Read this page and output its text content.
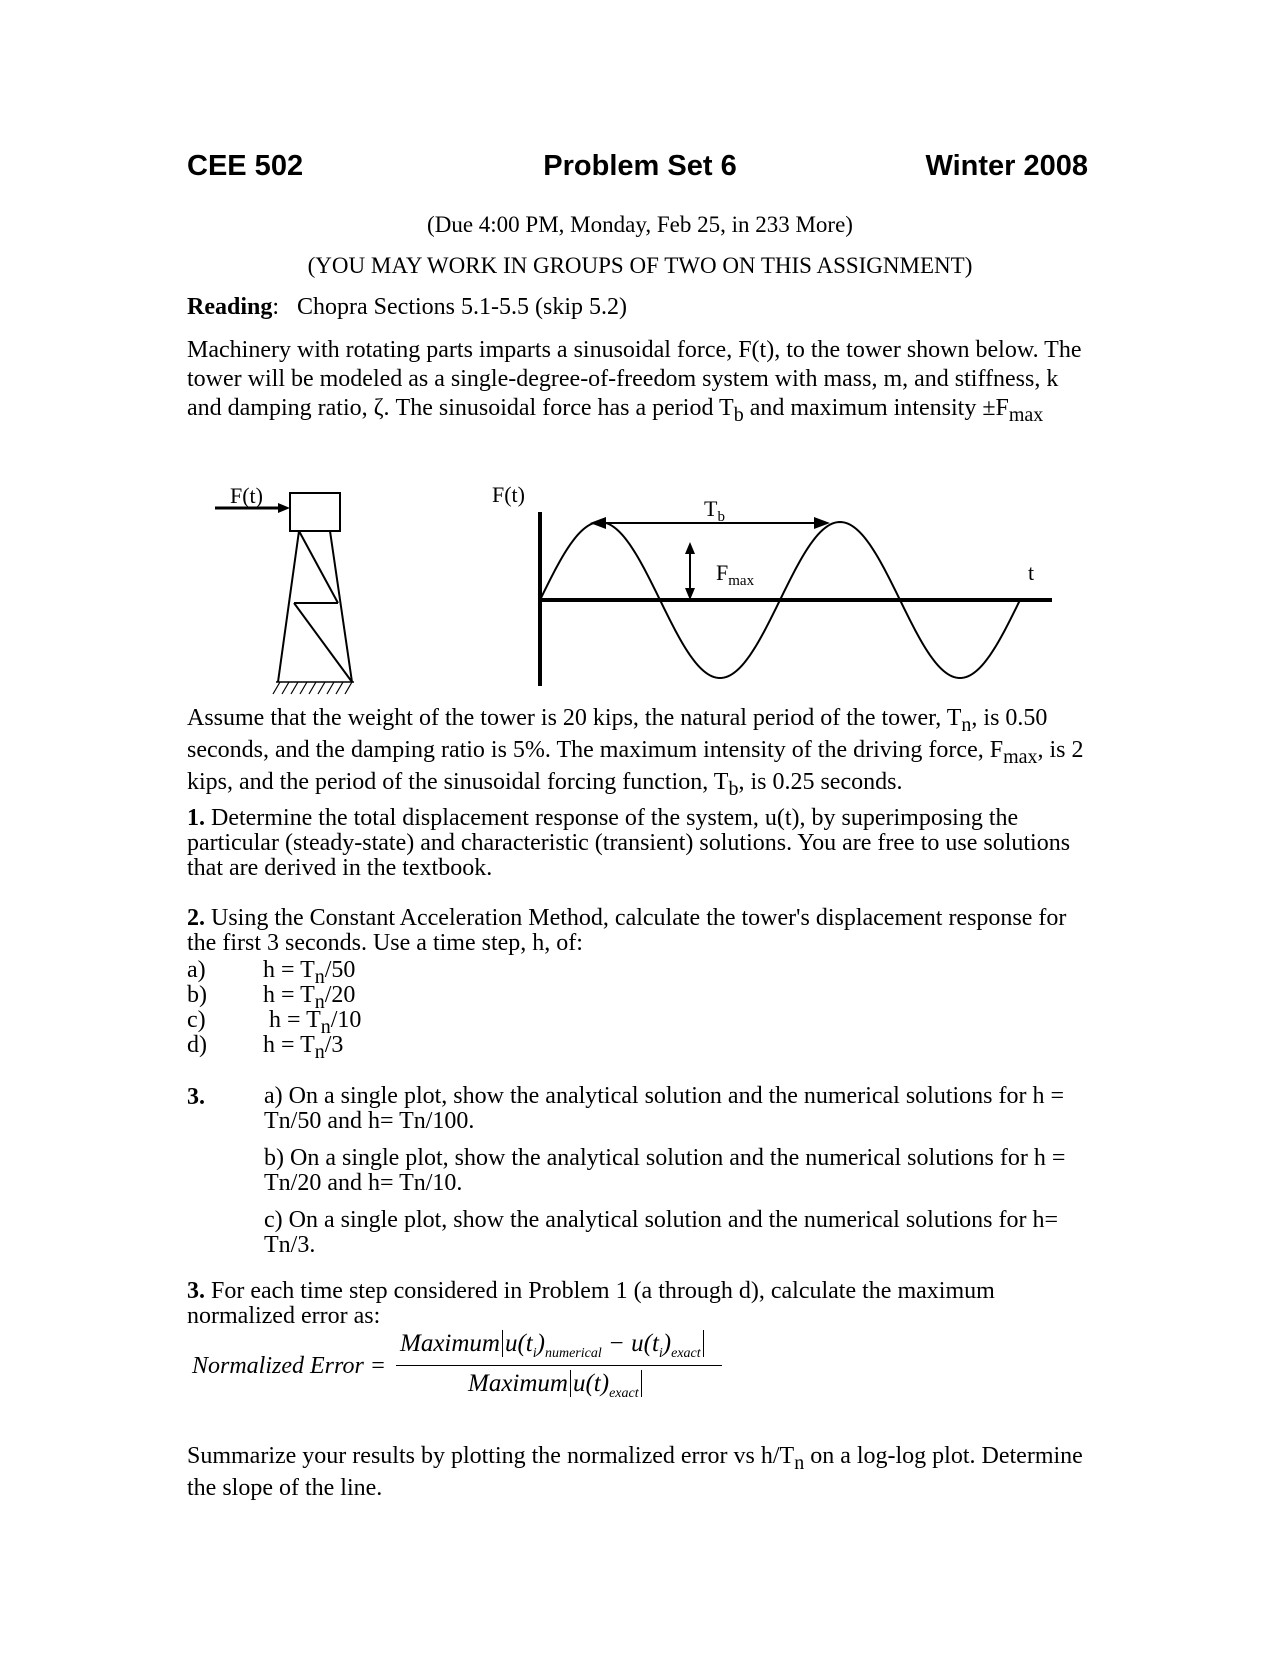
CEE 502	Problem Set 6	Winter 2008
(Due 4:00 PM, Monday, Feb 25, in 233 More)
(YOU MAY WORK IN GROUPS OF TWO ON THIS ASSIGNMENT)
Reading: Chopra Sections 5.1-5.5 (skip 5.2)
Machinery with rotating parts imparts a sinusoidal force, F(t), to the tower shown below. The tower will be modeled as a single-degree-of-freedom system with mass, m, and stiffness, k and damping ratio, ζ. The sinusoidal force has a period $T_b$ and maximum intensity $\pm F_{max}$
F(t)	F(t)
$T_b$
$F_{max}$	t
Assume that the weight of the tower is 20 kips, the natural period of the tower, $T_n$, is 0.50 seconds, and the damping ratio is 5%. The maximum intensity of the driving force, $F_{max}$, is 2 kips, and the period of the sinusoidal forcing function, $T_b$, is 0.25 seconds.
1. Determine the total displacement response of the system, u(t), by superimposing the particular (steady-state) and characteristic (transient) solutions. You are free to use solutions that are derived in the textbook.
2. Using the Constant Acceleration Method, calculate the tower's displacement response for the first 3 seconds. Use a time step, h, of:
a) $h = T_n/50$
b) $h = T_n/20$
c) $h = T_n/10$
d) $h = T_n/3$
3. a) On a single plot, show the analytical solution and the numerical solutions for h = Tn/50 and h= Tn/100.
b) On a single plot, show the analytical solution and the numerical solutions for h = Tn/20 and h= Tn/10.
c) On a single plot, show the analytical solution and the numerical solutions for h= Tn/3.
3. For each time step considered in Problem 1 (a through d), calculate the maximum normalized error as:
Normalized Error =
Maximum $u(t_i)_{numerical} - u(t_i)_{exact}$
Maximum $u(t)_{exact}$
Summarize your results by plotting the normalized error vs $h/T_n$ on a log-log plot. Determine the slope of the line.
